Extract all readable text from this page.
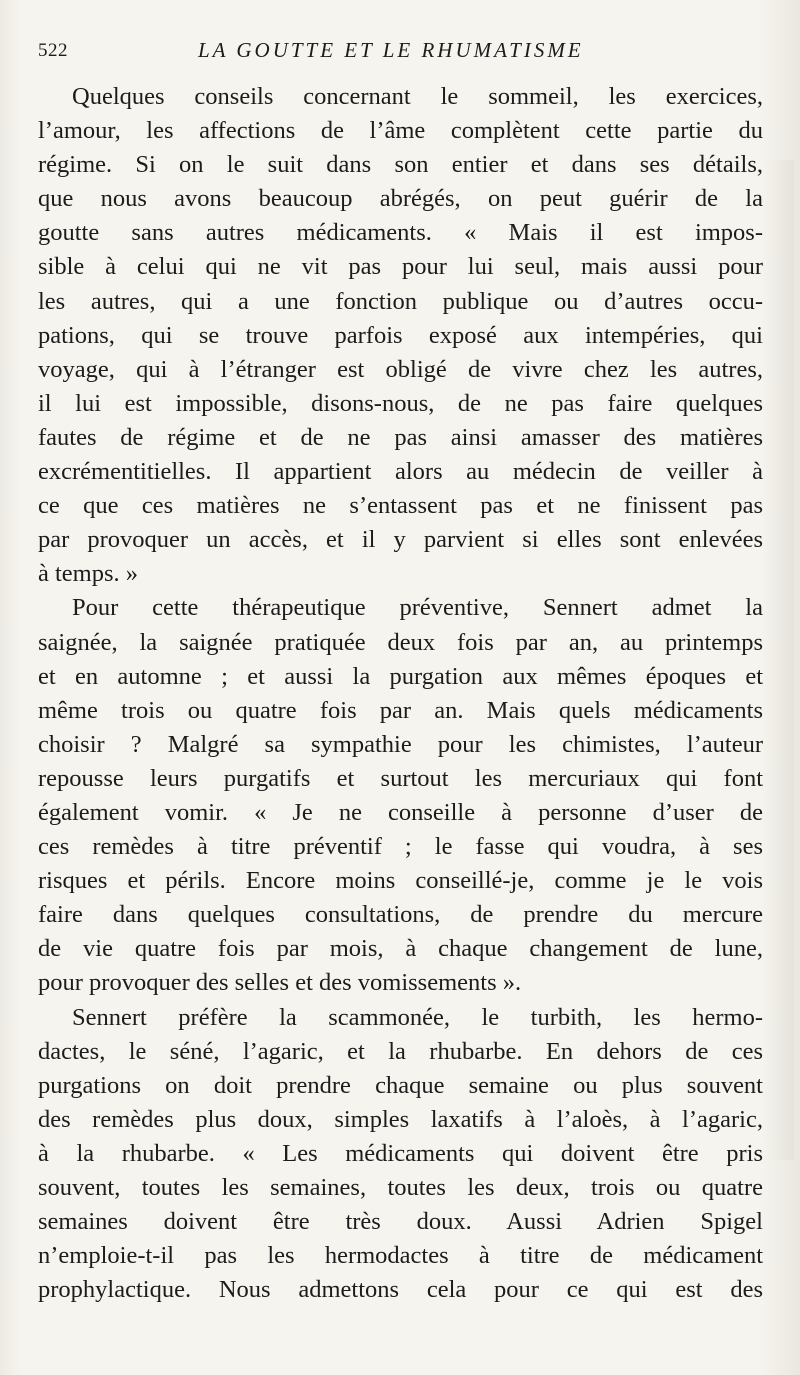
522	LA GOUTTE ET LE RHUMATISME
Quelques conseils concernant le sommeil, les exercices,
l’amour, les affections de l’âme complètent cette partie du
régime. Si on le suit dans son entier et dans ses détails,
que nous avons beaucoup abrégés, on peut guérir de la
goutte sans autres médicaments. « Mais il est impos-
sible à celui qui ne vit pas pour lui seul, mais aussi pour
les autres, qui a une fonction publique ou d’autres occu-
pations, qui se trouve parfois exposé aux intempéries, qui
voyage, qui à l’étranger est obligé de vivre chez les autres,
il lui est impossible, disons-nous, de ne pas faire quelques
fautes de régime et de ne pas ainsi amasser des matières
excrémentitielles. Il appartient alors au médecin de veiller à
ce que ces matières ne s’entassent pas et ne finissent pas
par provoquer un accès, et il y parvient si elles sont enlevées
à temps. »
Pour cette thérapeutique préventive, Sennert admet la
saignée, la saignée pratiquée deux fois par an, au printemps
et en automne ; et aussi la purgation aux mêmes époques et
même trois ou quatre fois par an. Mais quels médicaments
choisir ? Malgré sa sympathie pour les chimistes, l’auteur
repousse leurs purgatifs et surtout les mercuriaux qui font
également vomir. « Je ne conseille à personne d’user de
ces remèdes à titre préventif ; le fasse qui voudra, à ses
risques et périls. Encore moins conseillé-je, comme je le vois
faire dans quelques consultations, de prendre du mercure
de vie quatre fois par mois, à chaque changement de lune,
pour provoquer des selles et des vomissements ».
Sennert préfère la scammonée, le turbith, les hermo-
dactes, le séné, l’agaric, et la rhubarbe. En dehors de ces
purgations on doit prendre chaque semaine ou plus souvent
des remèdes plus doux, simples laxatifs à l’aloès, à l’agaric,
à la rhubarbe. « Les médicaments qui doivent être pris
souvent, toutes les semaines, toutes les deux, trois ou quatre
semaines doivent être très doux. Aussi Adrien Spigel
n’emploie-t-il pas les hermodactes à titre de médicament
prophylactique. Nous admettons cela pour ce qui est des
